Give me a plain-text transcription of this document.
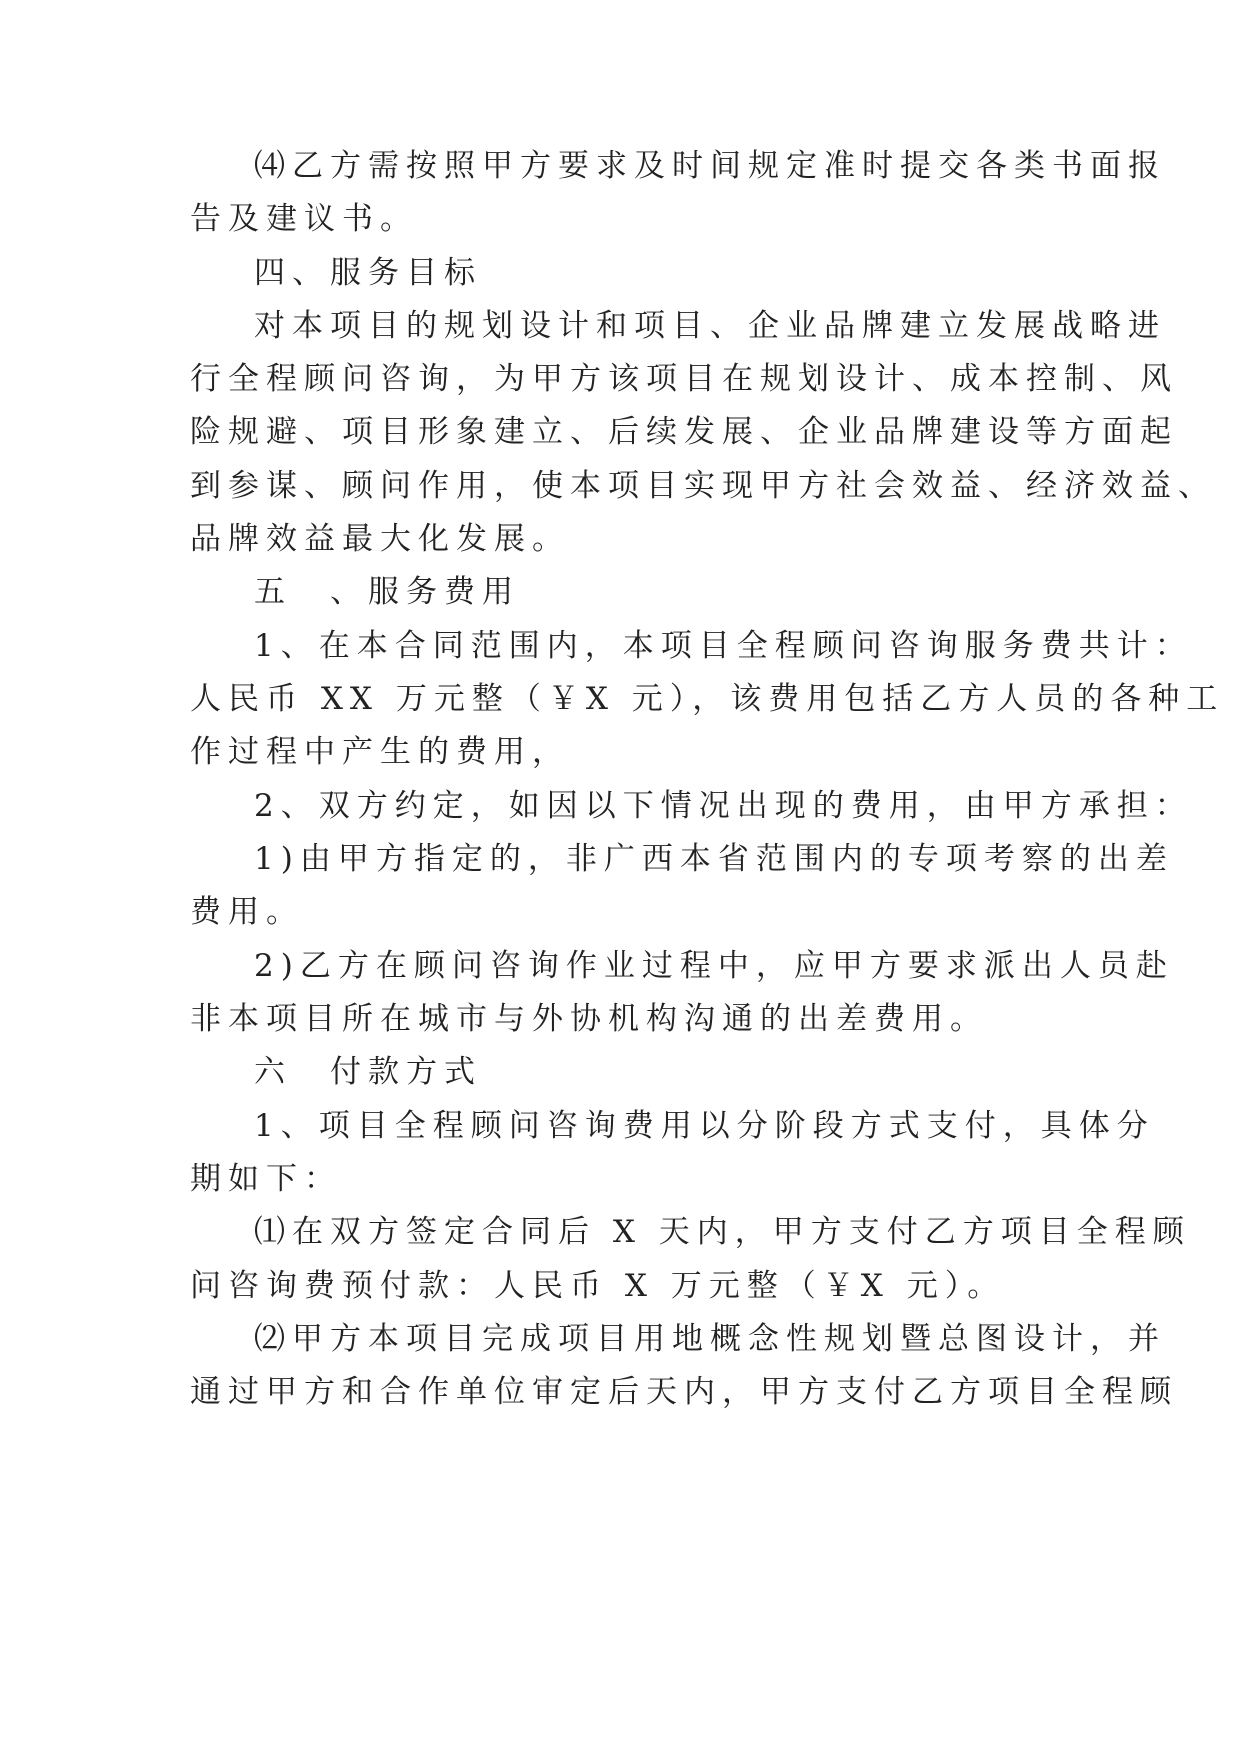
⑷乙方需按照甲方要求及时间规定准时提交各类书面报
告及建议书。
四、服务目标
对本项目的规划设计和项目、企业品牌建立发展战略进
行全程顾问咨询，为甲方该项目在规划设计、成本控制、风
险规避、项目形象建立、后续发展、企业品牌建设等方面起
到参谋、顾问作用，使本项目实现甲方社会效益、经济效益、
品牌效益最大化发展。
五　、服务费用
1、在本合同范围内，本项目全程顾问咨询服务费共计：
人民币 XX 万元整（￥X 元），该费用包括乙方人员的各种工
作过程中产生的费用，
2、双方约定，如因以下情况出现的费用，由甲方承担：
1)由甲方指定的，非广西本省范围内的专项考察的出差
费用。
2)乙方在顾问咨询作业过程中，应甲方要求派出人员赴
非本项目所在城市与外协机构沟通的出差费用。
六　付款方式
1、项目全程顾问咨询费用以分阶段方式支付，具体分
期如下：
⑴在双方签定合同后 X 天内，甲方支付乙方项目全程顾
问咨询费预付款：人民币 X 万元整（￥X 元）。
⑵甲方本项目完成项目用地概念性规划暨总图设计，并
通过甲方和合作单位审定后天内，甲方支付乙方项目全程顾
